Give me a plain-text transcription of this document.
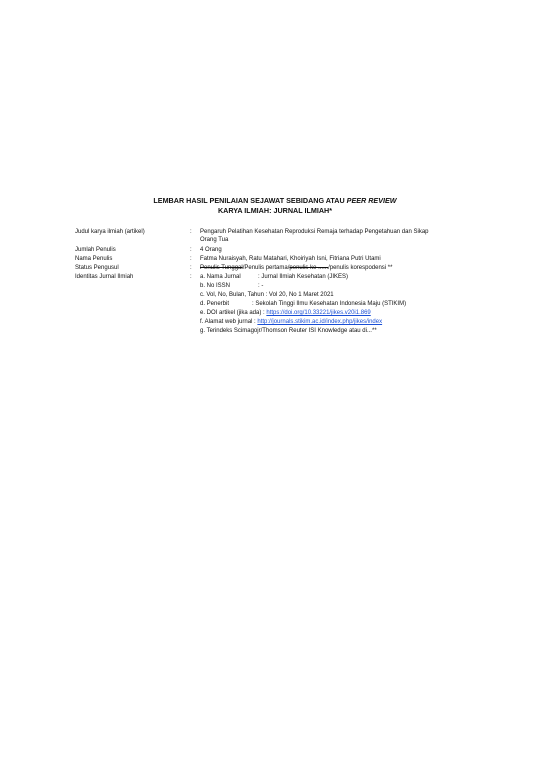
LEMBAR HASIL PENILAIAN SEJAWAT SEBIDANG ATAU PEER REVIEW
KARYA ILMIAH: JURNAL ILMIAH*
Judul karya ilmiah (artikel)	: Pengaruh Pelatihan Kesehatan Reproduksi Remaja terhadap Pengetahuan dan Sikap
Orang Tua
Jumlah Penulis	: 4 Orang
Nama Penulis	: Fatma Nuraisyah, Ratu Matahari, Khoiriyah Isni, Fitriana Putri Utami
Status Pengusul	: Penulis Tunggal/Penulis pertama/penulis ke ....../penulis korespodensi **
Identitas Jurnal Ilmiah	: a. Nama Jurnal	: Jurnal Ilmiah Kesehatan (JIKES)
b. No ISSN	: -
c. Vol, No, Bulan, Tahun : Vol 20, No 1 Maret 2021
d. Penerbit	: Sekolah Tinggi Ilmu Kesehatan Indonesia Maju (STIKIM)
e. DOI artikel (jika ada) : https://doi.org/10.33221/jikes.v20i1.869
f. Alamat web jurnal : http://journals.stikim.ac.id/index.php/jikes/index
g. Terindeks Scimagojr/Thomson Reuter ISI Knowledge atau di...**
